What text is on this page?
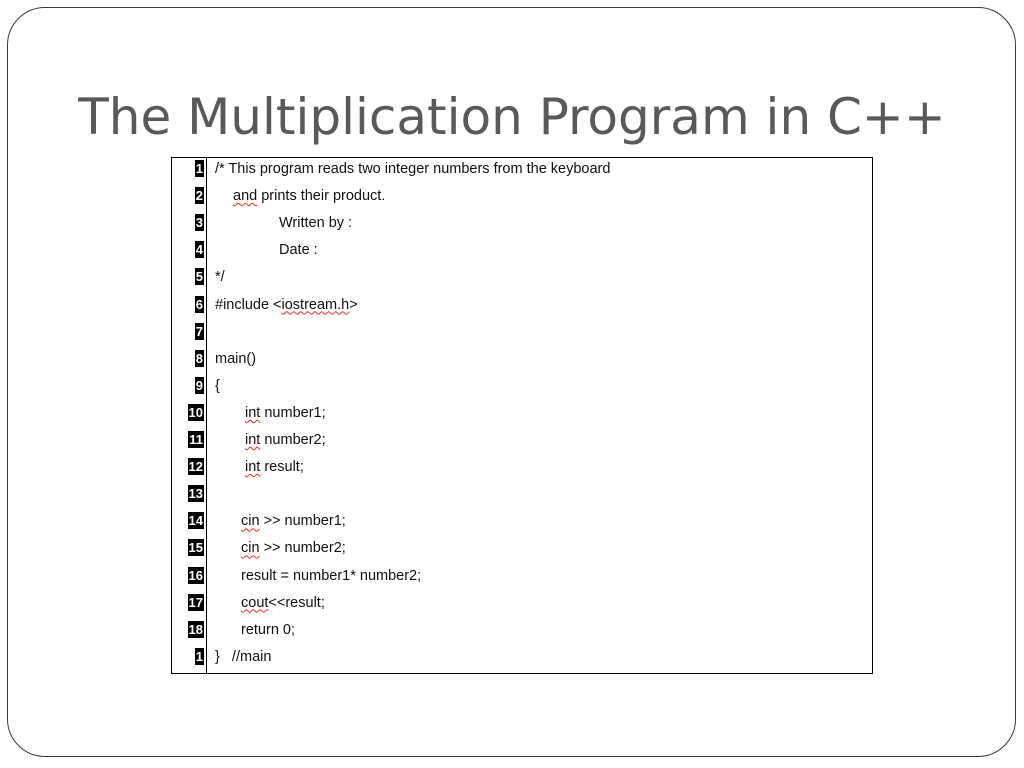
The Multiplication Program in C++
1 /* This program reads two integer numbers from the keyboard
2 and prints their product.
3	Written by :
4	Date :
5 */
6 #include <iostream.h>
7
8 main()
9 {
10	int number1;
11	int number2;
12	int result;
13
14	cin >> number1;
15	cin >> number2;
16	result = number1* number2;
17	cout<<result;
18	return 0;
1 }   //main
